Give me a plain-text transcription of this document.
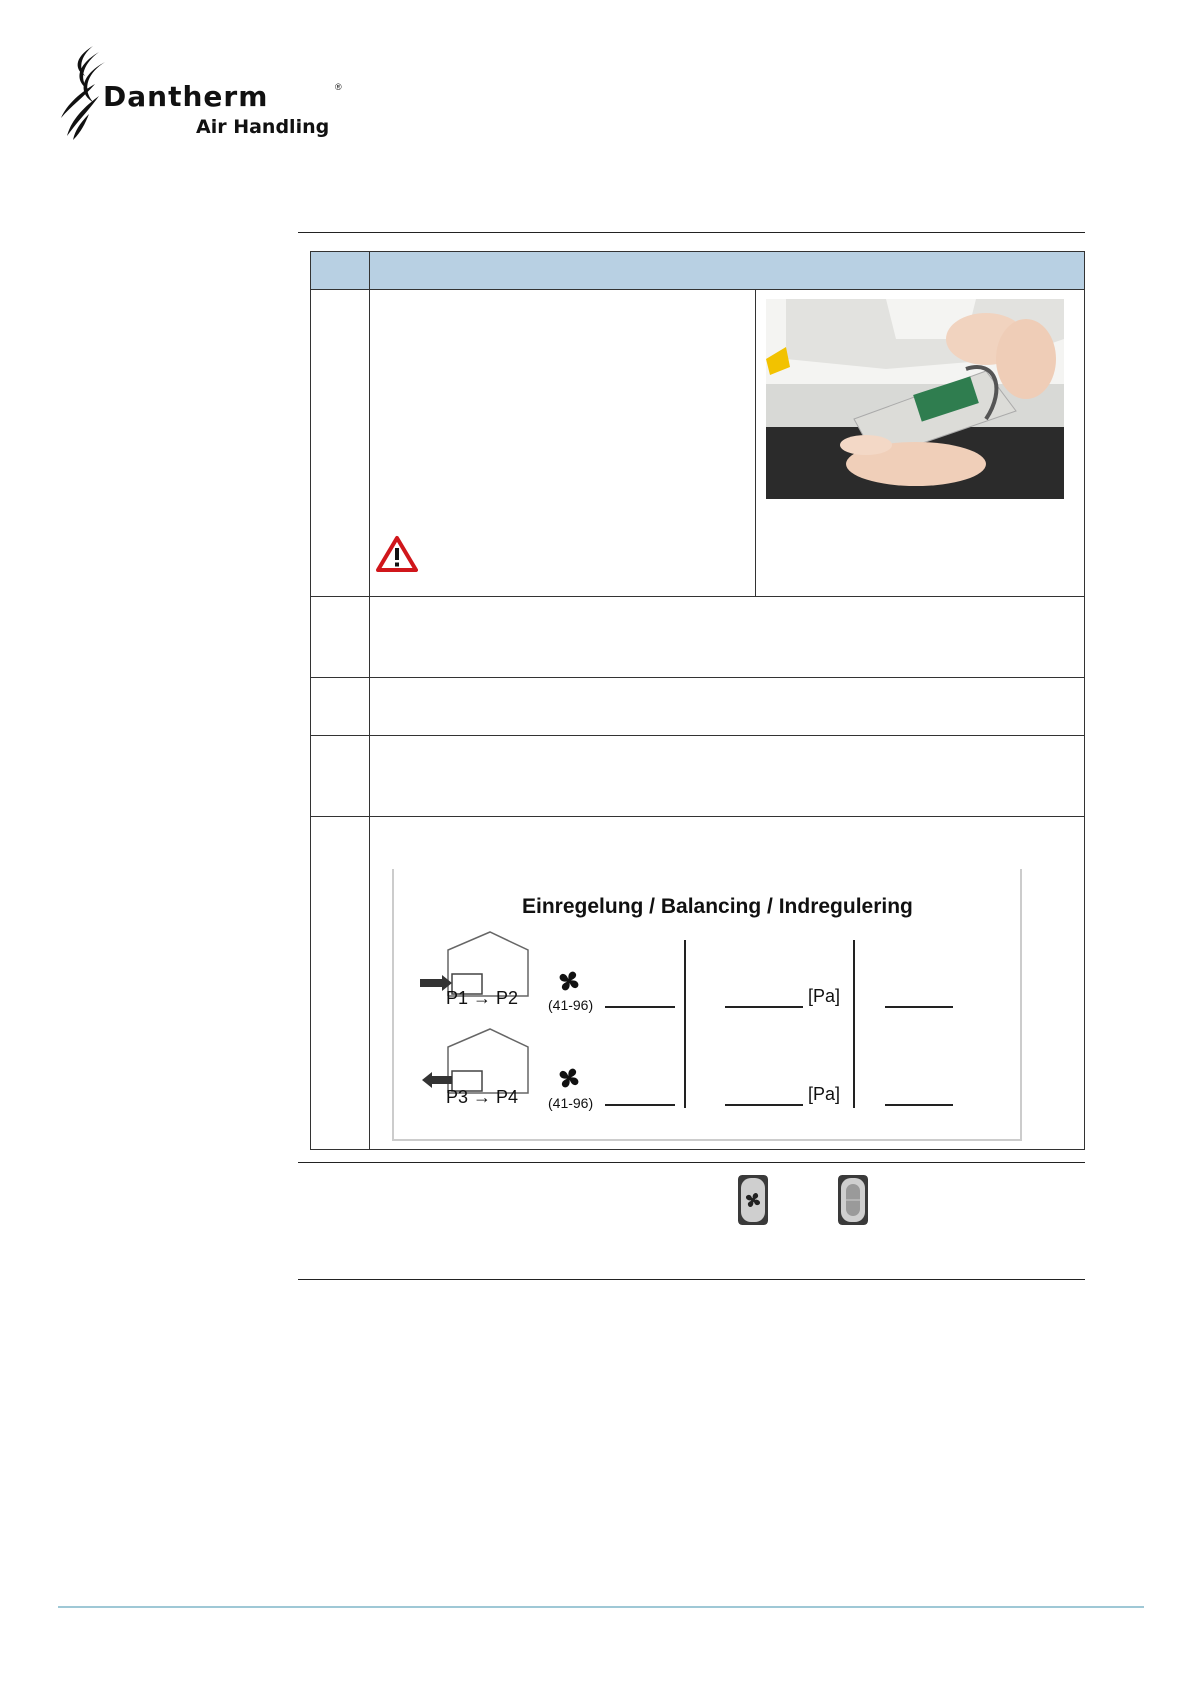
Dantherm	®
Air Handling
Einregelung / Balancing / Indregulering
P1 → P2
P3 → P4
(41-96)
(41-96)
[Pa]
[Pa]
